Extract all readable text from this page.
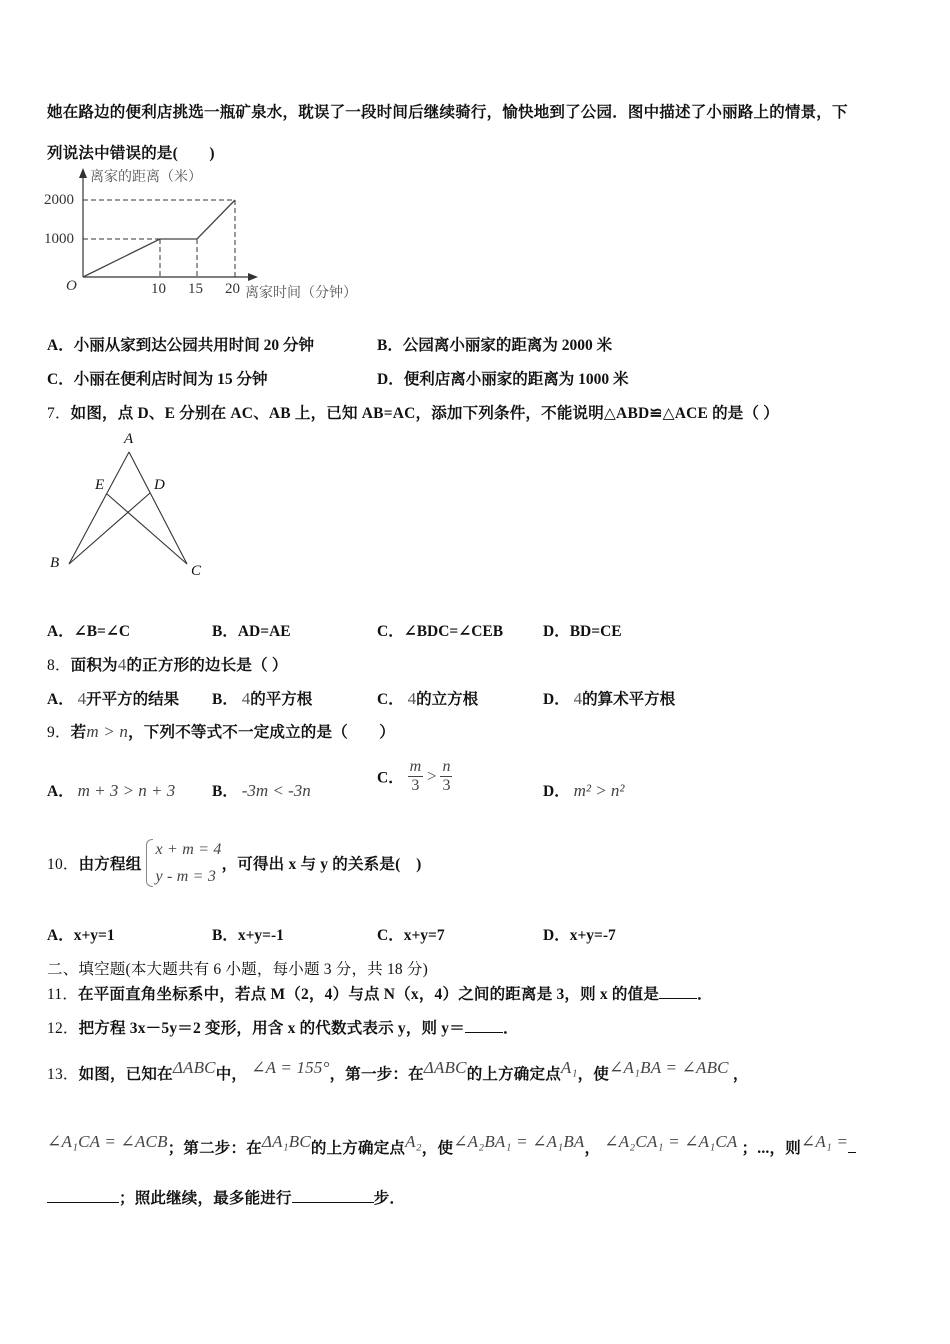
她在路边的便利店挑选一瓶矿泉水，耽误了一段时间后继续骑行，愉快地到了公园．图中描述了小丽路上的情景，下
列说法中错误的是(　　)
离家的距离（米）
2000
1000
O	10 15 20 离家时间（分钟）
A．小丽从家到达公园共用时间 20 分钟	B．公园离小丽家的距离为 2000 米
C．小丽在便利店时间为 15 分钟	D．便利店离小丽家的距离为 1000 米
7．如图，点 D、E 分别在 AC、AB 上，已知 AB=AC，添加下列条件，不能说明△ABD≌△ACE 的是（ ）
A
E	D
B	C
A．∠B=∠C	B．AD=AE	C．∠BDC=∠CEB	D．BD=CE
8．面积为4的正方形的边长是（ ）
A． 4开平方的结果 B． 4的平方根	C． 4的立方根	D． 4的算术平方根
9．若m > n，下列不等式不一定成立的是（　　）
A． m + 3 > n + 3 B． -3m < -3n
C． $\frac{m}{3} > \frac{n}{3}$	D． m² > n²
10．由方程组
x + m = 4
y - m = 3
，可得出 x 与 y 的关系是(　)
A．x+y=1	B．x+y=-1	C．x+y=7	D．x+y=-7
二、填空题(本大题共有 6 小题，每小题 3 分，共 18 分)
11．在平面直角坐标系中，若点 M（2，4）与点 N（x，4）之间的距离是 3，则 x 的值是 ．
12．把方程 3x－5y＝2 变形，用含 x 的代数式表示 y，则 y＝ ．
13．如图，已知在ΔABC中， ∠A = 155°，第一步：在ΔABC的上方确定点A₁，使∠A₁BA = ∠ABC ，
∠A₁CA = ∠ACB；第二步：在ΔA₁BC的上方确定点A₂，使∠A₂BA₁ = ∠A₁BA， ∠A₂CA₁ = ∠A₁CA ；...，则∠A₁ =
；照此继续，最多能进行	步．
